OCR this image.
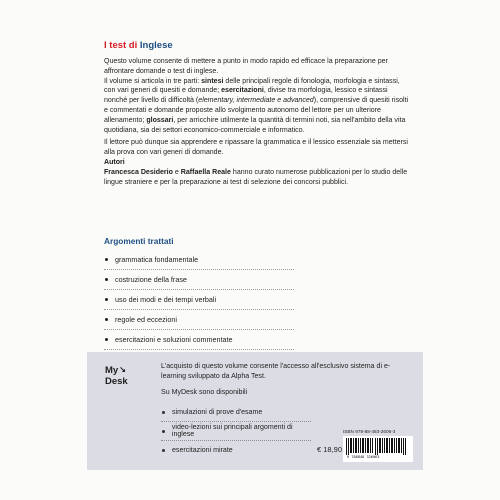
I test di Inglese

Questo volume consente di mettere a punto in modo rapido ed efficace la preparazione per affrontare domande o test di inglese.

Il volume si articola in tre parti: sintesi delle principali regole di fonologia, morfologia e sintassi, con vari generi di quesiti e domande; esercitazioni, divise tra morfologia, lessico e sintassi nonché per livello di difficoltà (elementary, intermediate e advanced), comprensive di quesiti risolti e commentati e domande proposte allo svolgimento autonomo del lettore per un ulteriore allenamento; glossari, per arricchire utilmente la quantità di termini noti, sia nell'ambito della vita quotidiana, sia dei settori economico-commerciale e informatico.

Il lettore può dunque sia apprendere e ripassare la grammatica e il lessico essenziale sia mettersi alla prova con vari generi di domande.

Autori
Francesca Desiderio e Raffaella Reale hanno curato numerose pubblicazioni per lo studio delle lingue straniere e per la preparazione ai test di selezione dei concorsi pubblici.

Argomenti trattati
grammatica fondamentale
costruzione della frase
uso dei modi e dei tempi verbali
regole ed eccezioni
esercitazioni e soluzioni commentate
My↘
Desk

L'acquisto di questo volume consente l'accesso all'esclusivo sistema di e-learning sviluppato da Alpha Test.

Su MyDesk sono disponibili
simulazioni di prove d'esame
video-lezioni sui principali argomenti di inglese
esercitazioni mirate
ISBN 978-88-483-2606-3
9 788848 326063
€ 18,90
